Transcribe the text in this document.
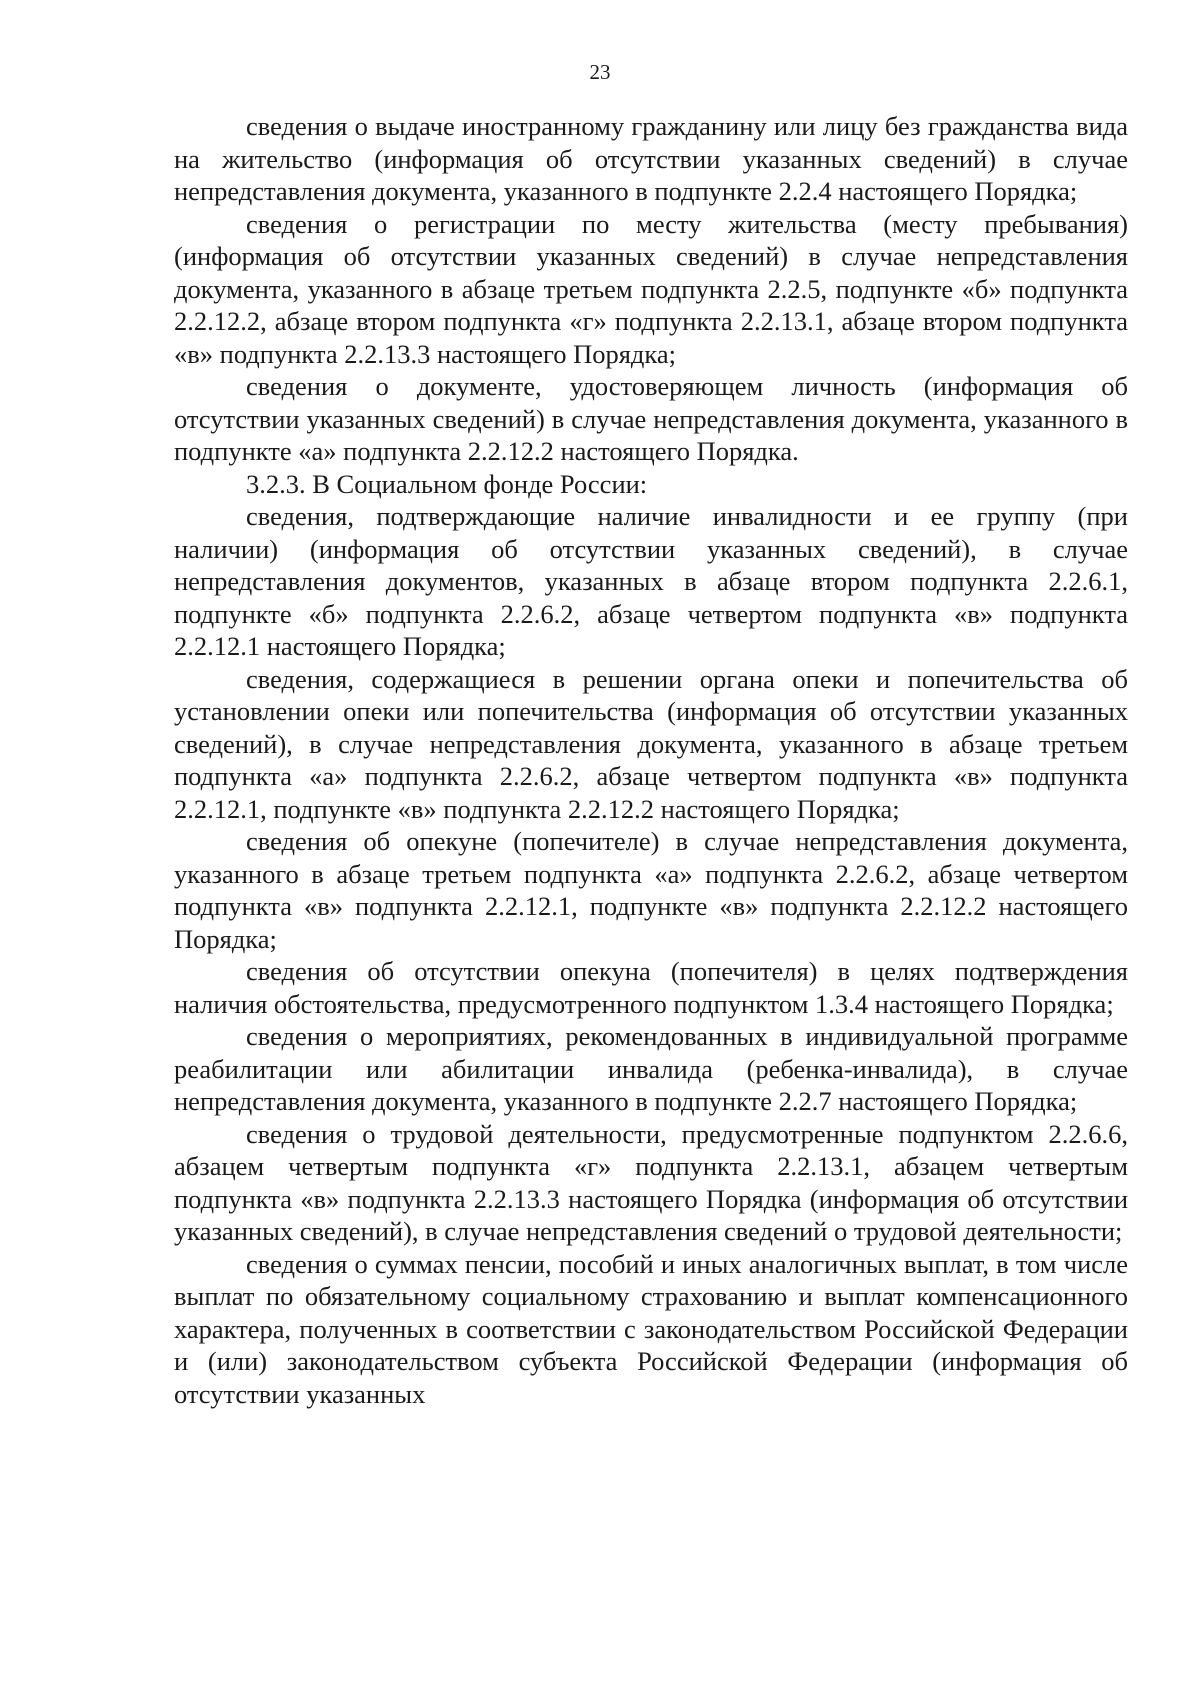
23

сведения о выдаче иностранному гражданину или лицу без гражданства вида на жительство (информация об отсутствии указанных сведений) в случае непредставления документа, указанного в подпункте 2.2.4 настоящего Порядка;

сведения о регистрации по месту жительства (месту пребывания) (информация об отсутствии указанных сведений) в случае непредставления документа, указанного в абзаце третьем подпункта 2.2.5, подпункте «б» подпункта 2.2.12.2, абзаце втором подпункта «г» подпункта 2.2.13.1, абзаце втором подпункта «в» подпункта 2.2.13.3 настоящего Порядка;

сведения о документе, удостоверяющем личность (информация об отсутствии указанных сведений) в случае непредставления документа, указанного в подпункте «а» подпункта 2.2.12.2 настоящего Порядка.

3.2.3. В Социальном фонде России:

сведения, подтверждающие наличие инвалидности и ее группу (при наличии) (информация об отсутствии указанных сведений), в случае непредставления документов, указанных в абзаце втором подпункта 2.2.6.1, подпункте «б» подпункта 2.2.6.2, абзаце четвертом подпункта «в» подпункта 2.2.12.1 настоящего Порядка;

сведения, содержащиеся в решении органа опеки и попечительства об установлении опеки или попечительства (информация об отсутствии указанных сведений), в случае непредставления документа, указанного в абзаце третьем подпункта «а» подпункта 2.2.6.2, абзаце четвертом подпункта «в» подпункта 2.2.12.1, подпункте «в» подпункта 2.2.12.2 настоящего Порядка;

сведения об опекуне (попечителе) в случае непредставления документа, указанного в абзаце третьем подпункта «а» подпункта 2.2.6.2, абзаце четвертом подпункта «в» подпункта 2.2.12.1, подпункте «в» подпункта 2.2.12.2 настоящего Порядка;

сведения об отсутствии опекуна (попечителя) в целях подтверждения наличия обстоятельства, предусмотренного подпунктом 1.3.4 настоящего Порядка;

сведения о мероприятиях, рекомендованных в индивидуальной программе реабилитации или абилитации инвалида (ребенка-инвалида), в случае непредставления документа, указанного в подпункте 2.2.7 настоящего Порядка;

сведения о трудовой деятельности, предусмотренные подпунктом 2.2.6.6, абзацем четвертым подпункта «г» подпункта 2.2.13.1, абзацем четвертым подпункта «в» подпункта 2.2.13.3 настоящего Порядка (информация об отсутствии указанных сведений), в случае непредставления сведений о трудовой деятельности;

сведения о суммах пенсии, пособий и иных аналогичных выплат, в том числе выплат по обязательному социальному страхованию и выплат компенсационного характера, полученных в соответствии с законодательством Российской Федерации и (или) законодательством субъекта Российской Федерации (информация об отсутствии указанных
